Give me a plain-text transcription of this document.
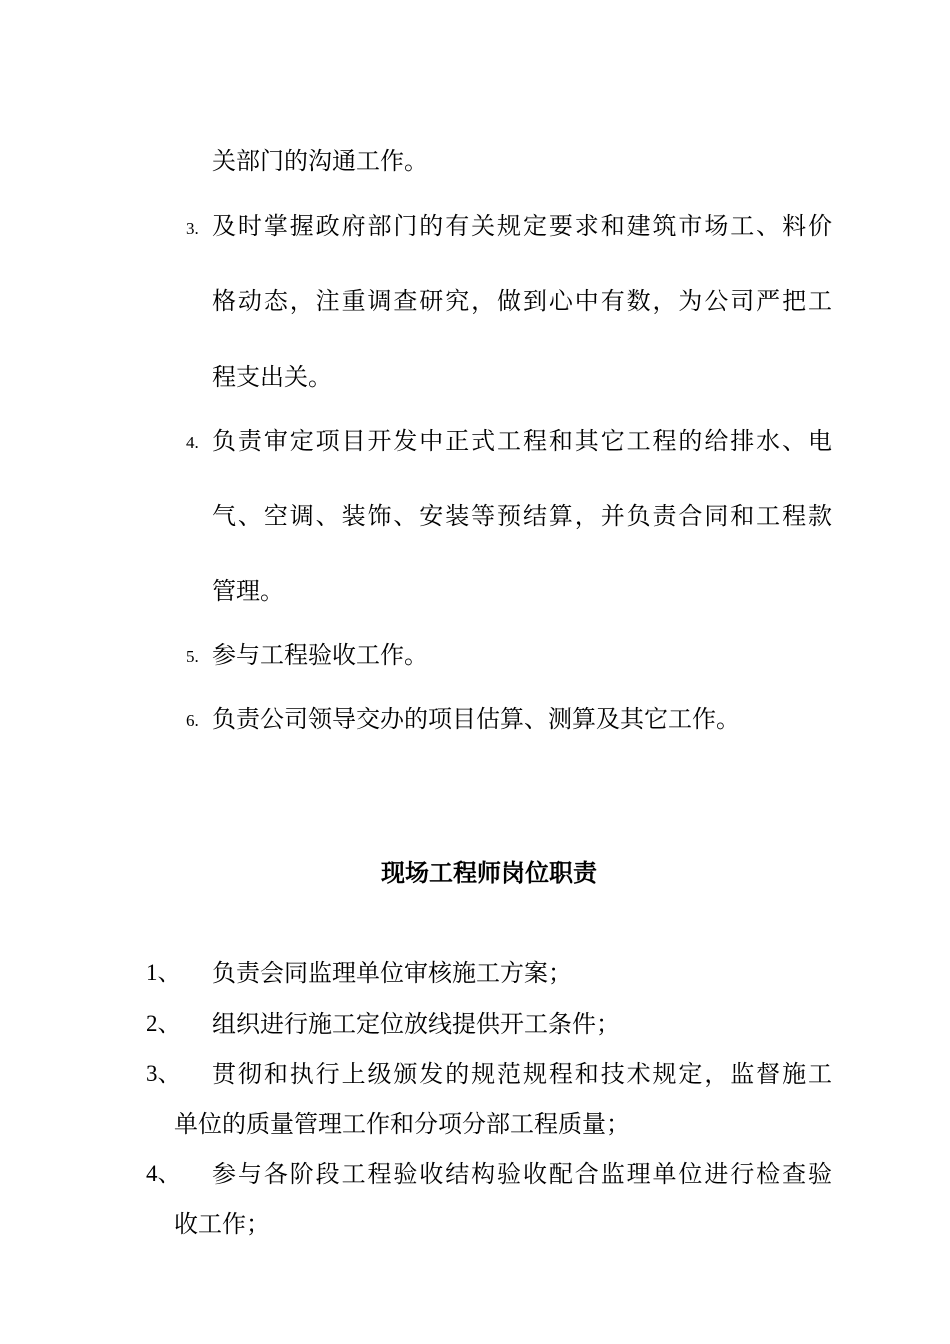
关部门的沟通工作。
3. 及时掌握政府部门的有关规定要求和建筑市场工、料价
格动态，注重调查研究，做到心中有数，为公司严把工
程支出关。
4. 负责审定项目开发中正式工程和其它工程的给排水、电
气、空调、装饰、安装等预结算，并负责合同和工程款
管理。
5. 参与工程验收工作。
6. 负责公司领导交办的项目估算、测算及其它工作。
现场工程师岗位职责
1、 负责会同监理单位审核施工方案；
2、 组织进行施工定位放线提供开工条件；
3、 贯彻和执行上级颁发的规范规程和技术规定，监督施工
单位的质量管理工作和分项分部工程质量；
4、 参与各阶段工程验收结构验收配合监理单位进行检查验
收工作；
